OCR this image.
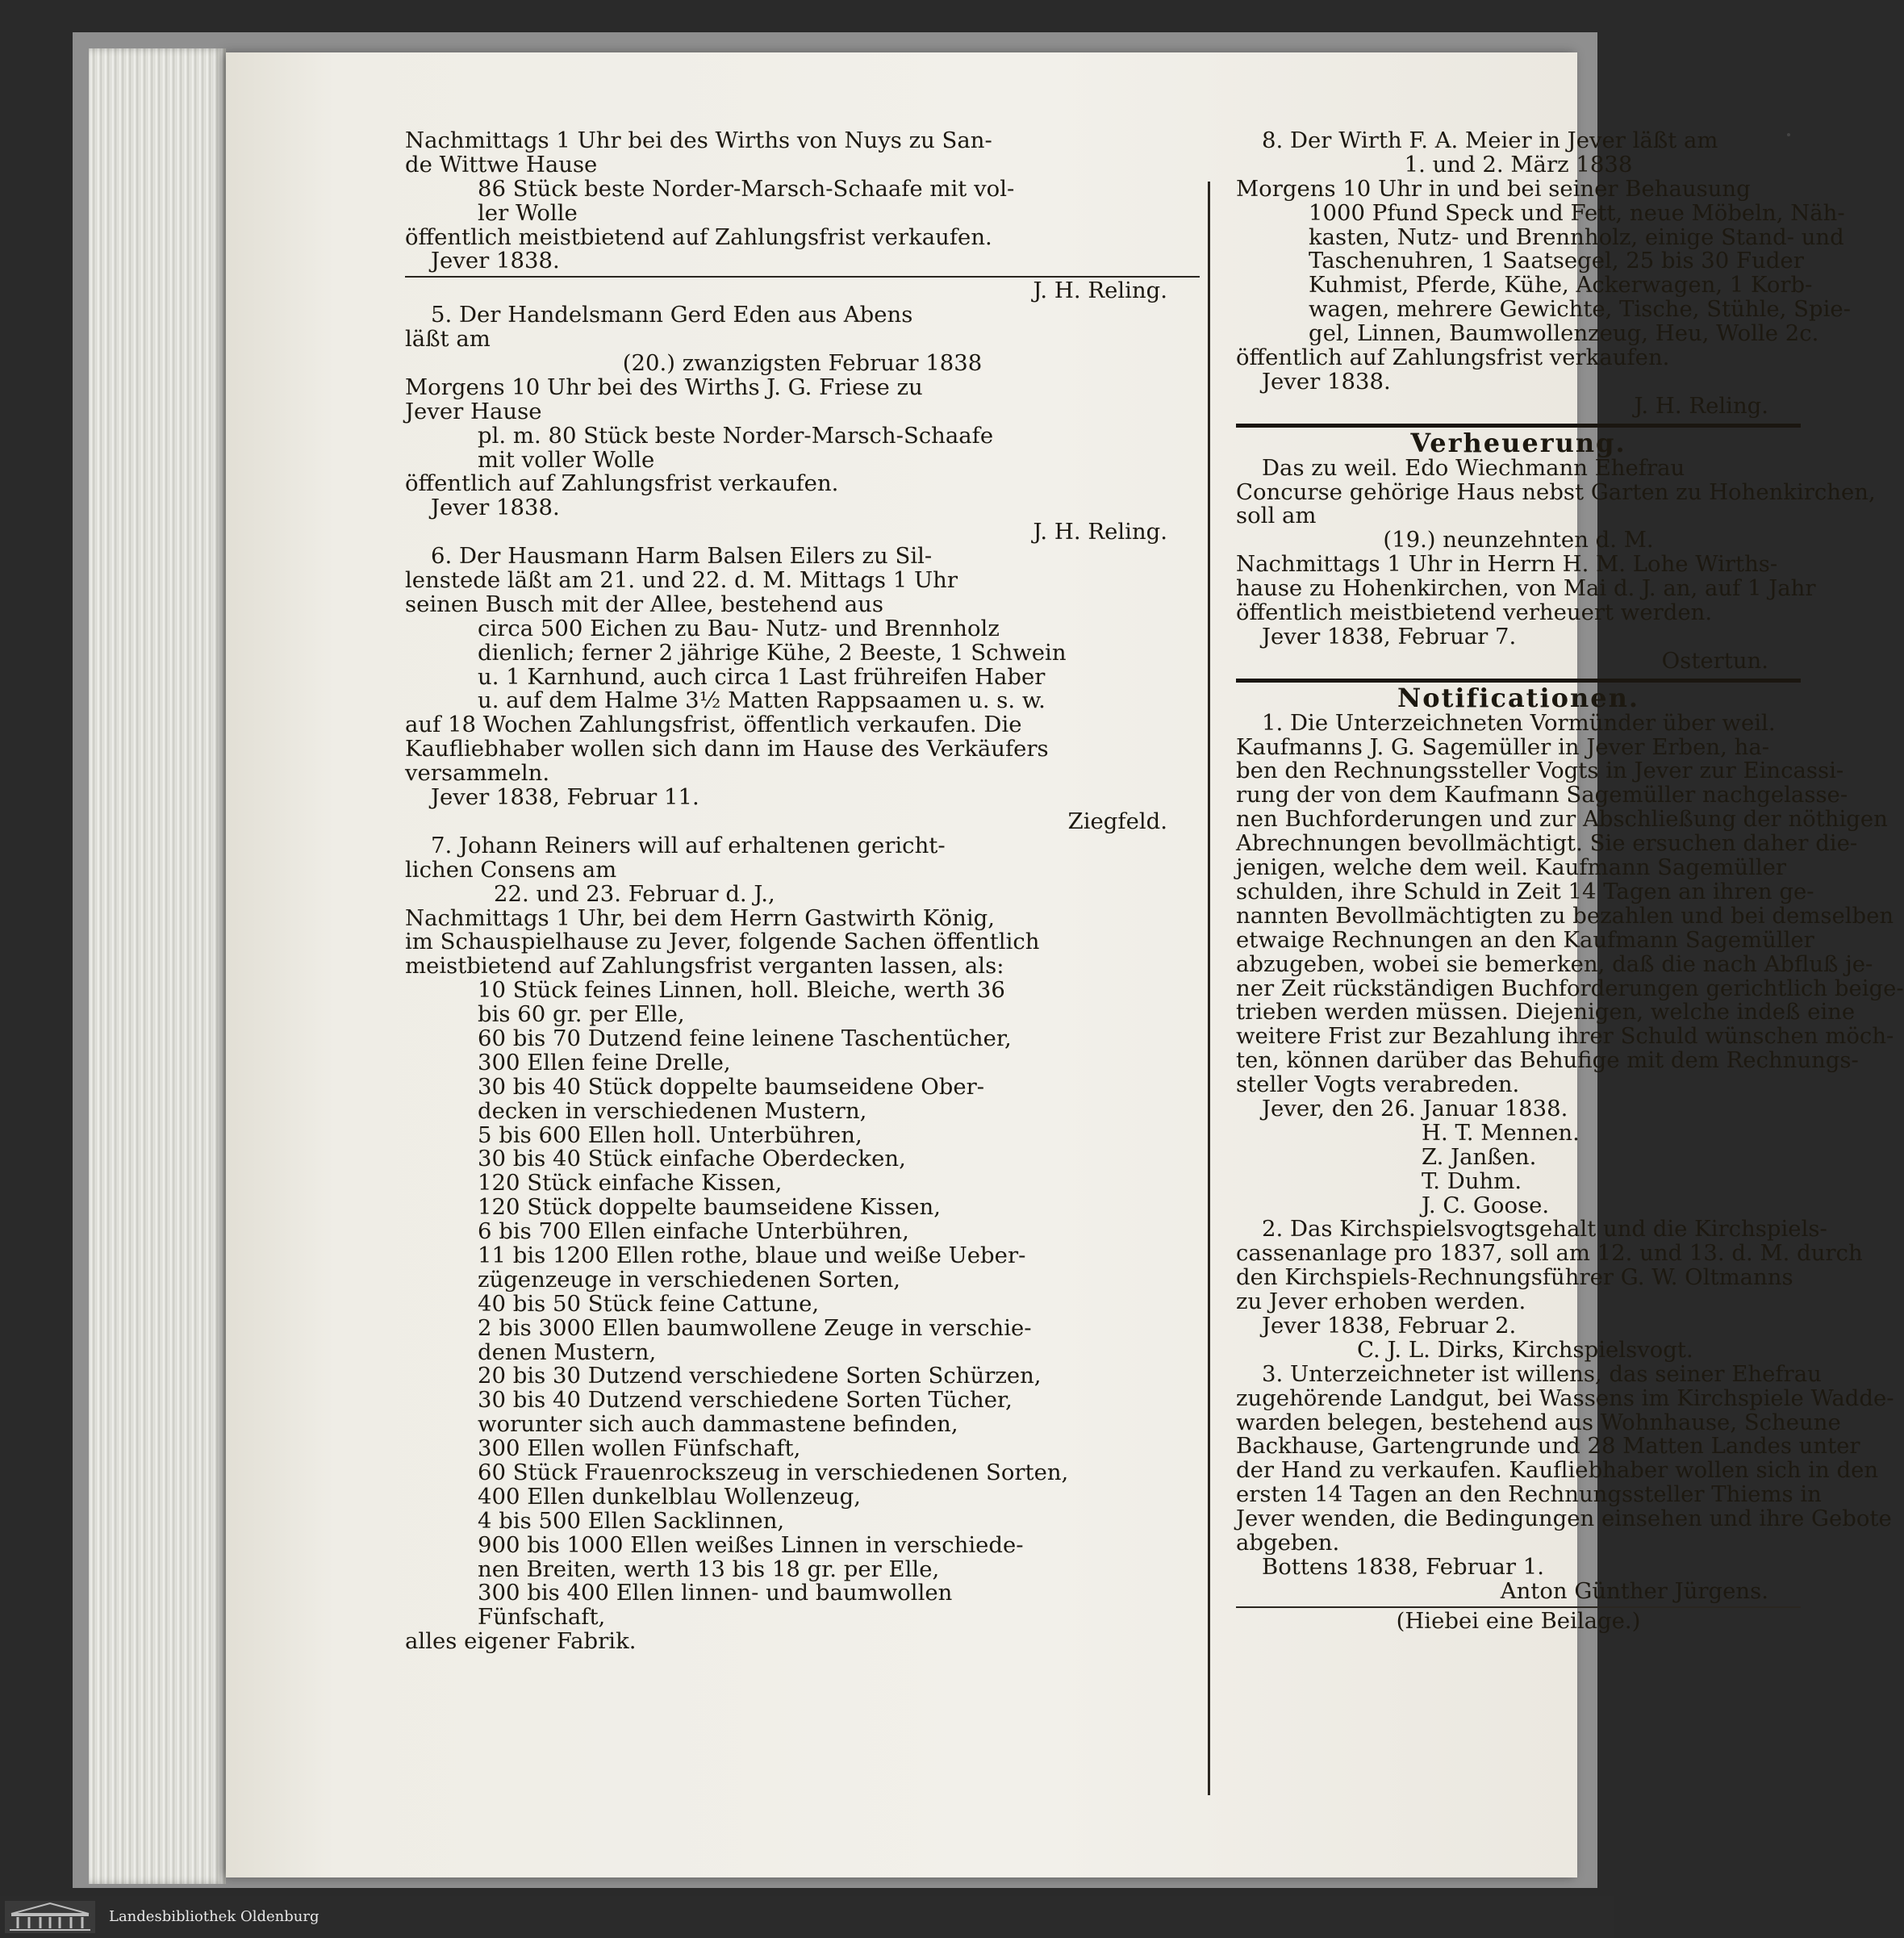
Nachmittags 1 Uhr bei des Wirths von Nuys zu San-
de Wittwe Hause
86 Stück beste Norder-Marsch-Schaafe mit vol-
ler Wolle
öffentlich meistbietend auf Zahlungsfrist verkaufen.
Jever 1838.
J. H. Reling.
5. Der Handelsmann Gerd Eden aus Abens
läßt am
(20.) zwanzigsten Februar 1838
Morgens 10 Uhr bei des Wirths J. G. Friese zu
Jever Hause
pl. m. 80 Stück beste Norder-Marsch-Schaafe
mit voller Wolle
öffentlich auf Zahlungsfrist verkaufen.
Jever 1838.
J. H. Reling.
6. Der Hausmann Harm Balsen Eilers zu Sil-
lenstede läßt am 21. und 22. d. M. Mittags 1 Uhr
seinen Busch mit der Allee, bestehend aus
circa 500 Eichen zu Bau- Nutz- und Brennholz
dienlich; ferner 2 jährige Kühe, 2 Beeste, 1 Schwein
u. 1 Karnhund, auch circa 1 Last frühreifen Haber
u. auf dem Halme 3½ Matten Rappsaamen u. s. w.
auf 18 Wochen Zahlungsfrist, öffentlich verkaufen. Die
Kaufliebhaber wollen sich dann im Hause des Verkäufers
versammeln.
Jever 1838, Februar 11.
Ziegfeld.
7. Johann Reiners will auf erhaltenen gericht-
lichen Consens am
22. und 23. Februar d. J.,
Nachmittags 1 Uhr, bei dem Herrn Gastwirth König,
im Schauspielhause zu Jever, folgende Sachen öffentlich
meistbietend auf Zahlungsfrist verganten lassen, als:
10 Stück feines Linnen, holl. Bleiche, werth 36
bis 60 gr. per Elle,
60 bis 70 Dutzend feine leinene Taschentücher,
300 Ellen feine Drelle,
30 bis 40 Stück doppelte baumseidene Ober-
decken in verschiedenen Mustern,
5 bis 600 Ellen holl. Unterbühren,
30 bis 40 Stück einfache Oberdecken,
120 Stück einfache Kissen,
120 Stück doppelte baumseidene Kissen,
6 bis 700 Ellen einfache Unterbühren,
11 bis 1200 Ellen rothe, blaue und weiße Ueber-
zügenzeuge in verschiedenen Sorten,
40 bis 50 Stück feine Cattune,
2 bis 3000 Ellen baumwollene Zeuge in verschie-
denen Mustern,
20 bis 30 Dutzend verschiedene Sorten Schürzen,
30 bis 40 Dutzend verschiedene Sorten Tücher,
worunter sich auch dammastene befinden,
300 Ellen wollen Fünfschaft,
60 Stück Frauenrockszeug in verschiedenen Sorten,
400 Ellen dunkelblau Wollenzeug,
4 bis 500 Ellen Sacklinnen,
900 bis 1000 Ellen weißes Linnen in verschiede-
nen Breiten, werth 13 bis 18 gr. per Elle,
300 bis 400 Ellen linnen- und baumwollen
Fünfschaft,
alles eigener Fabrik.
8. Der Wirth F. A. Meier in Jever läßt am
1. und 2. März 1838
Morgens 10 Uhr in und bei seiner Behausung
1000 Pfund Speck und Fett, neue Möbeln, Näh-
kasten, Nutz- und Brennholz, einige Stand- und
Taschenuhren, 1 Saatsegel, 25 bis 30 Fuder
Kuhmist, Pferde, Kühe, Ackerwagen, 1 Korb-
wagen, mehrere Gewichte, Tische, Stühle, Spie-
gel, Linnen, Baumwollenzeug, Heu, Wolle 2c.
öffentlich auf Zahlungsfrist verkaufen.
Jever 1838.
J. H. Reling.
Verheuerung.
Das zu weil. Edo Wiechmann Ehefrau
Concurse gehörige Haus nebst Garten zu Hohenkirchen,
soll am
(19.) neunzehnten d. M.
Nachmittags 1 Uhr in Herrn H. M. Lohe Wirths-
hause zu Hohenkirchen, von Mai d. J. an, auf 1 Jahr
öffentlich meistbietend verheuert werden.
Jever 1838, Februar 7.
Ostertun.
Notificationen.
1. Die Unterzeichneten Vormünder über weil.
Kaufmanns J. G. Sagemüller in Jever Erben, ha-
ben den Rechnungssteller Vogts in Jever zur Eincassi-
rung der von dem Kaufmann Sagemüller nachgelasse-
nen Buchforderungen und zur Abschließung der nöthigen
Abrechnungen bevollmächtigt. Sie ersuchen daher die-
jenigen, welche dem weil. Kaufmann Sagemüller
schulden, ihre Schuld in Zeit 14 Tagen an ihren ge-
nannten Bevollmächtigten zu bezahlen und bei demselben
etwaige Rechnungen an den Kaufmann Sagemüller
abzugeben, wobei sie bemerken, daß die nach Abfluß je-
ner Zeit rückständigen Buchforderungen gerichtlich beige-
trieben werden müssen. Diejenigen, welche indeß eine
weitere Frist zur Bezahlung ihrer Schuld wünschen möch-
ten, können darüber das Behufige mit dem Rechnungs-
steller Vogts verabreden.
Jever, den 26. Januar 1838.
H. T. Mennen.
Z. Janßen.
T. Duhm.
J. C. Goose.
2. Das Kirchspielsvogtsgehalt und die Kirchspiels-
cassenanlage pro 1837, soll am 12. und 13. d. M. durch
den Kirchspiels-Rechnungsführer G. W. Oltmanns
zu Jever erhoben werden.
Jever 1838, Februar 2.
C. J. L. Dirks, Kirchspielsvogt.
3. Unterzeichneter ist willens, das seiner Ehefrau
zugehörende Landgut, bei Wassens im Kirchspiele Wadde-
warden belegen, bestehend aus Wohnhause, Scheune
Backhause, Gartengrunde und 28 Matten Landes unter
der Hand zu verkaufen. Kaufliebhaber wollen sich in den
ersten 14 Tagen an den Rechnungssteller Thiems in
Jever wenden, die Bedingungen einsehen und ihre Gebote
abgeben.
Bottens 1838, Februar 1.
Anton Günther Jürgens.
(Hiebei eine Beilage.)
Landesbibliothek Oldenburg
